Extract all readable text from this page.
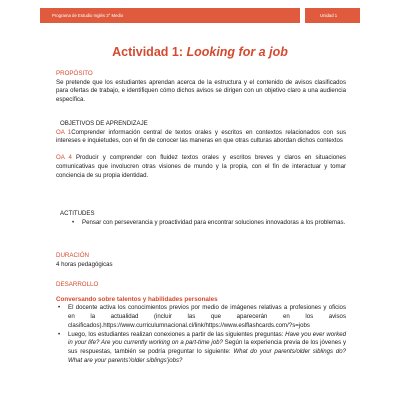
Programa de Estudio Inglés 3° Medio	Unidad 1
Actividad 1: Looking for a job
PROPÓSITO
Se pretende que los estudiantes aprendan acerca de la estructura y el contenido de avisos clasificados para ofertas de trabajo, e identifiquen cómo dichos avisos se dirigen con un objetivo claro a una audiencia específica.
OBJETIVOS DE APRENDIZAJE
OA 1Comprender información central de textos orales y escritos en contextos relacionados con sus intereses e inquietudes, con el fin de conocer las maneras en que otras culturas abordan dichos contextos
OA 4 Producir y comprender con fluidez textos orales y escritos breves y claros en situaciones comunicativas que involucren otras visiones de mundo y la propia, con el fin de interactuar y tomar conciencia de su propia identidad.
ACTITUDES
• Pensar con perseverancia y proactividad para encontrar soluciones innovadoras a los problemas.
DURACIÓN
4 horas pedagógicas
DESARROLLO
Conversando sobre talentos y habilidades personales
• El docente activa los conocimientos previos por medio de imágenes relativas a profesiones y oficios en la actualidad (incluir las que aparecerán en los avisos clasificados).https://www.curriculumnacional.cl/link/https://www.eslflashcards.com/?s=jobs
• Luego, los estudiantes realizan conexiones a partir de las siguientes preguntas: Have you ever worked in your life? Are you currently working on a part-time job? Según la experiencia previa de los jóvenes y sus respuestas, también se podría preguntar lo siguiente: What do your parents/older siblings do? What are your parents'/older siblings'jobs?
